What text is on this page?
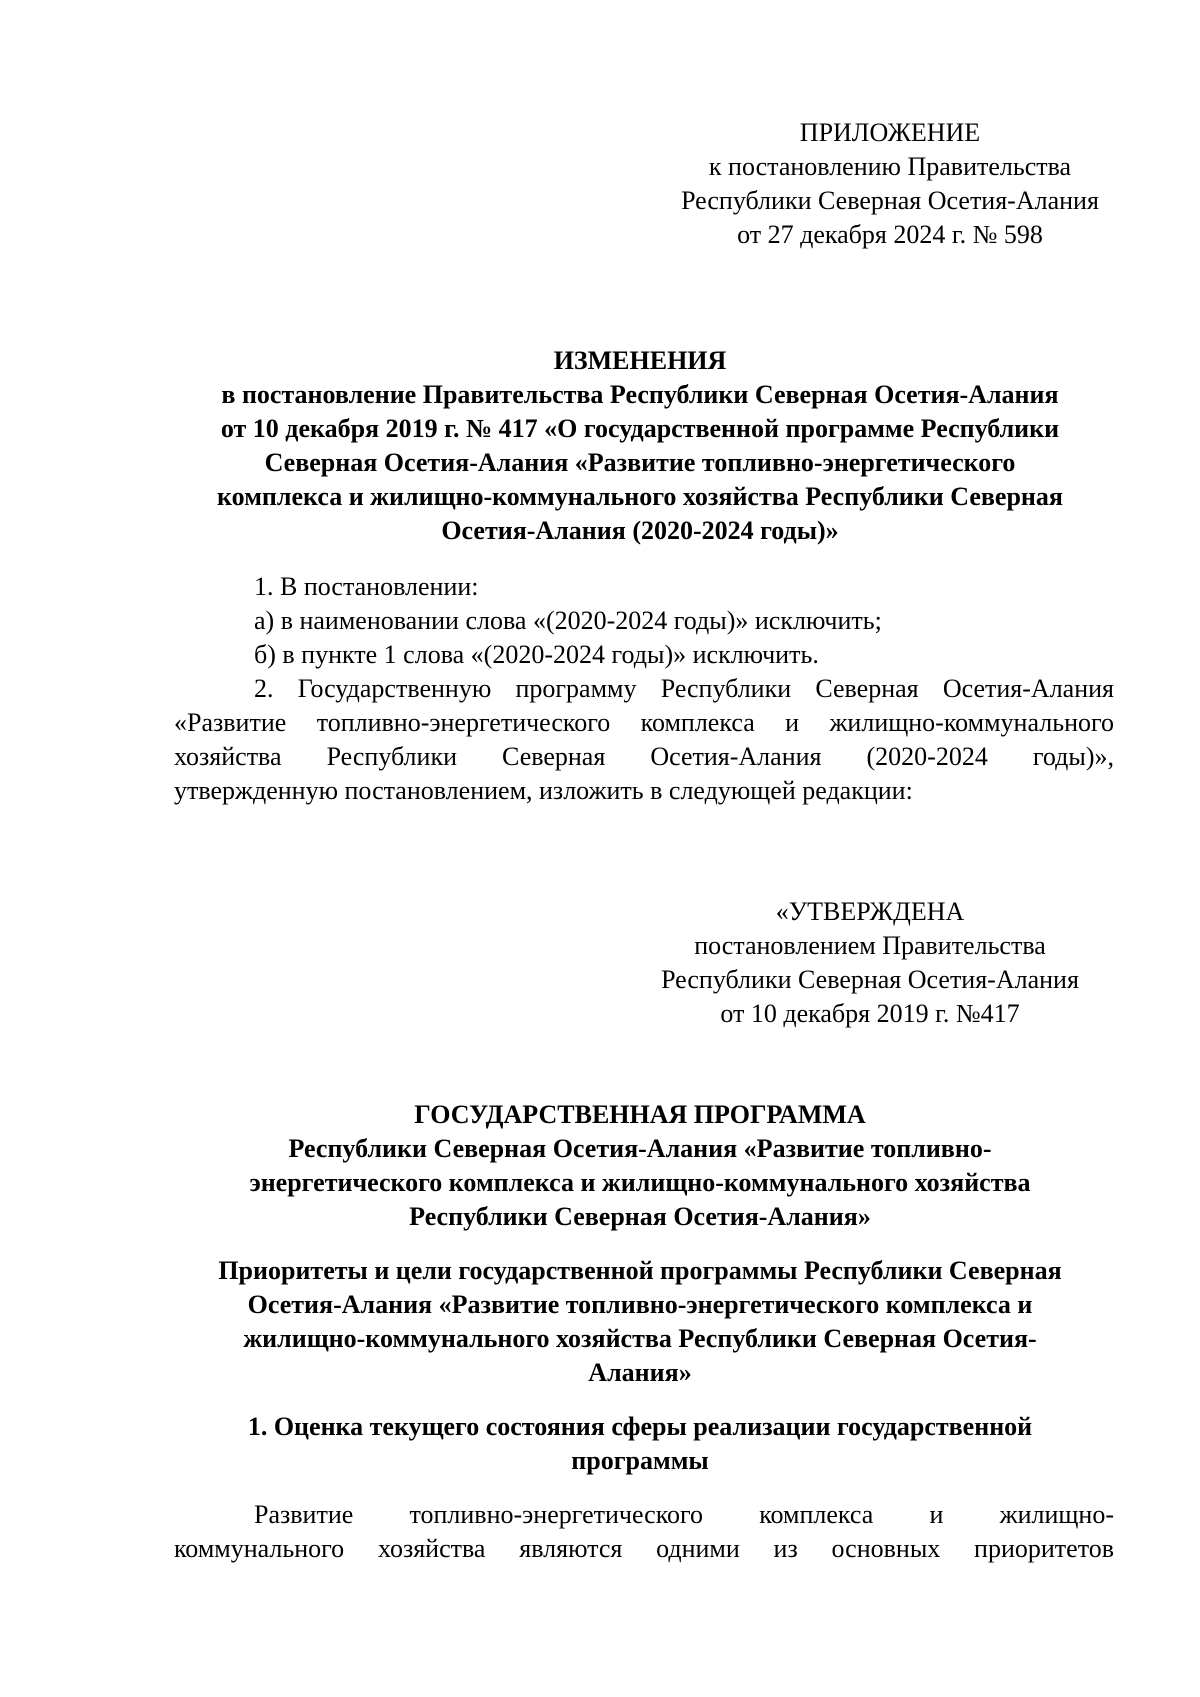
ПРИЛОЖЕНИЕ
к постановлению Правительства
Республики Северная Осетия-Алания
от 27 декабря 2024 г. № 598
ИЗМЕНЕНИЯ
в постановление Правительства Республики Северная Осетия-Алания
от 10 декабря 2019 г. № 417 «О государственной программе Республики
Северная Осетия-Алания «Развитие топливно-энергетического
комплекса и жилищно-коммунального хозяйства Республики Северная
Осетия-Алания (2020-2024 годы)»
1. В постановлении:
а) в наименовании слова «(2020-2024 годы)» исключить;
б) в пункте 1 слова «(2020-2024 годы)» исключить.
2. Государственную программу Республики Северная Осетия-Алания
«Развитие топливно-энергетического комплекса и жилищно-коммунального
хозяйства Республики Северная Осетия-Алания (2020-2024 годы)»,
утвержденную постановлением, изложить в следующей редакции:
«УТВЕРЖДЕНА
постановлением Правительства
Республики Северная Осетия-Алания
от 10 декабря 2019 г. №417
ГОСУДАРСТВЕННАЯ ПРОГРАММА
Республики Северная Осетия-Алания «Развитие топливно-
энергетического комплекса и жилищно-коммунального хозяйства
Республики Северная Осетия-Алания»
Приоритеты и цели государственной программы Республики Северная
Осетия-Алания «Развитие топливно-энергетического комплекса и
жилищно-коммунального хозяйства Республики Северная Осетия-
Алания»
1. Оценка текущего состояния сферы реализации государственной
программы
Развитие топливно-энергетического комплекса и жилищно-
коммунального хозяйства являются одними из основных приоритетов
